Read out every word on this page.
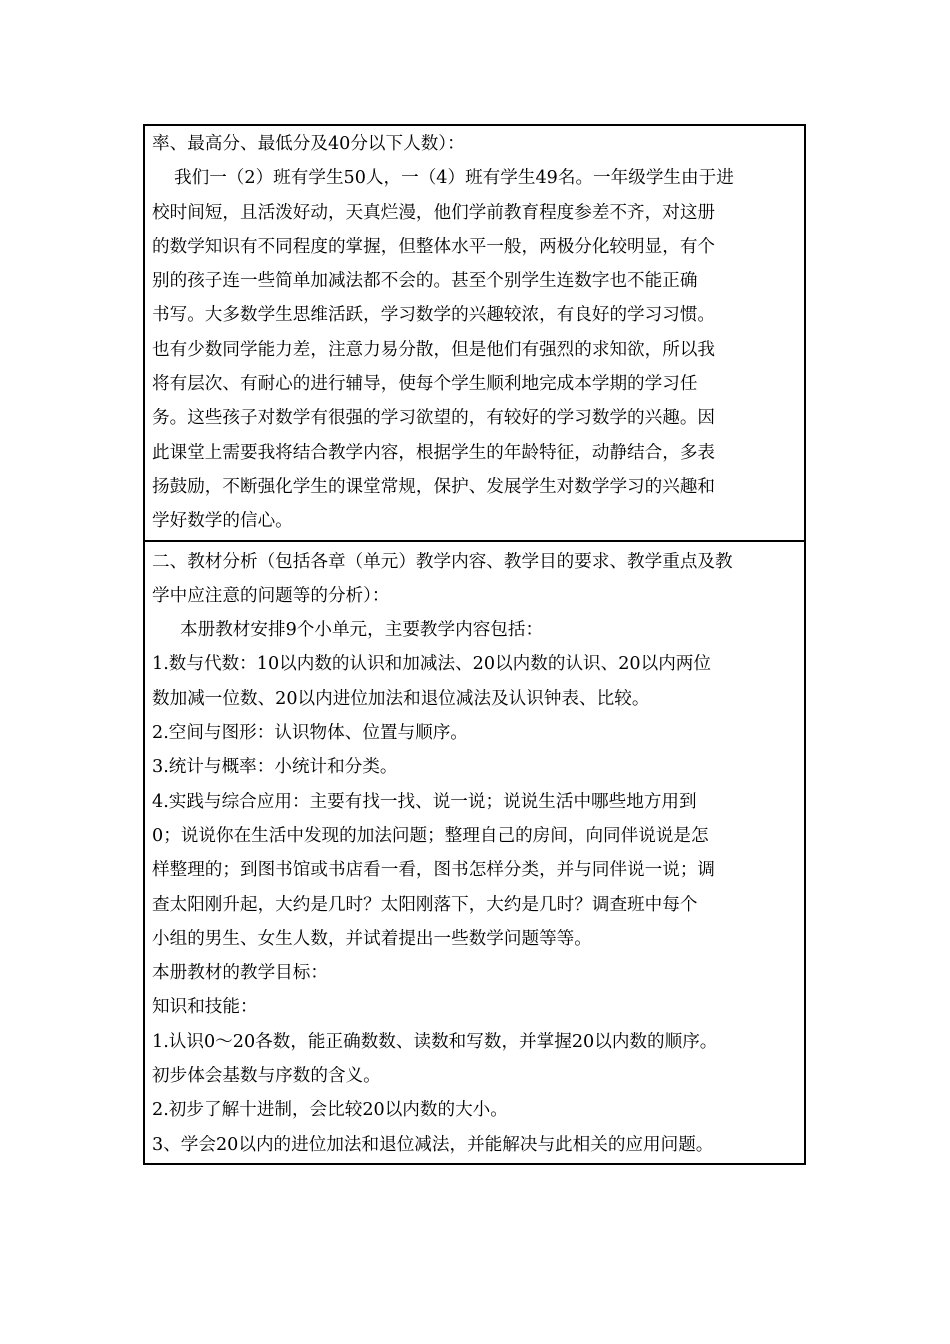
率、最高分、最低分及40分以下人数）：
我们一（2）班有学生50人，一（4）班有学生49名。一年级学生由于进
校时间短，且活泼好动，天真烂漫，他们学前教育程度参差不齐，对这册
的数学知识有不同程度的掌握，但整体水平一般，两极分化较明显，有个
别的孩子连一些简单加减法都不会的。甚至个别学生连数字也不能正确
书写。大多数学生思维活跃，学习数学的兴趣较浓，有良好的学习习惯。
也有少数同学能力差，注意力易分散，但是他们有强烈的求知欲，所以我
将有层次、有耐心的进行辅导，使每个学生顺利地完成本学期的学习任
务。这些孩子对数学有很强的学习欲望的，有较好的学习数学的兴趣。因
此课堂上需要我将结合教学内容，根据学生的年龄特征，动静结合，多表
扬鼓励，不断强化学生的课堂常规，保护、发展学生对数学学习的兴趣和
学好数学的信心。
二、教材分析（包括各章（单元）教学内容、教学目的要求、教学重点及教
学中应注意的问题等的分析）：
本册教材安排9个小单元，主要教学内容包括：
1.数与代数：10以内数的认识和加减法、20以内数的认识、20以内两位
数加减一位数、20以内进位加法和退位减法及认识钟表、比较。
2.空间与图形：认识物体、位置与顺序。
3.统计与概率：小统计和分类。
4.实践与综合应用：主要有找一找、说一说；说说生活中哪些地方用到
0；说说你在生活中发现的加法问题；整理自己的房间，向同伴说说是怎
样整理的；到图书馆或书店看一看，图书怎样分类，并与同伴说一说；调
查太阳刚升起，大约是几时？太阳刚落下，大约是几时？调查班中每个
小组的男生、女生人数，并试着提出一些数学问题等等。
本册教材的教学目标：
知识和技能：
1.认识0～20各数，能正确数数、读数和写数，并掌握20以内数的顺序。
初步体会基数与序数的含义。
2.初步了解十进制，会比较20以内数的大小。
3、学会20以内的进位加法和退位减法，并能解决与此相关的应用问题。
